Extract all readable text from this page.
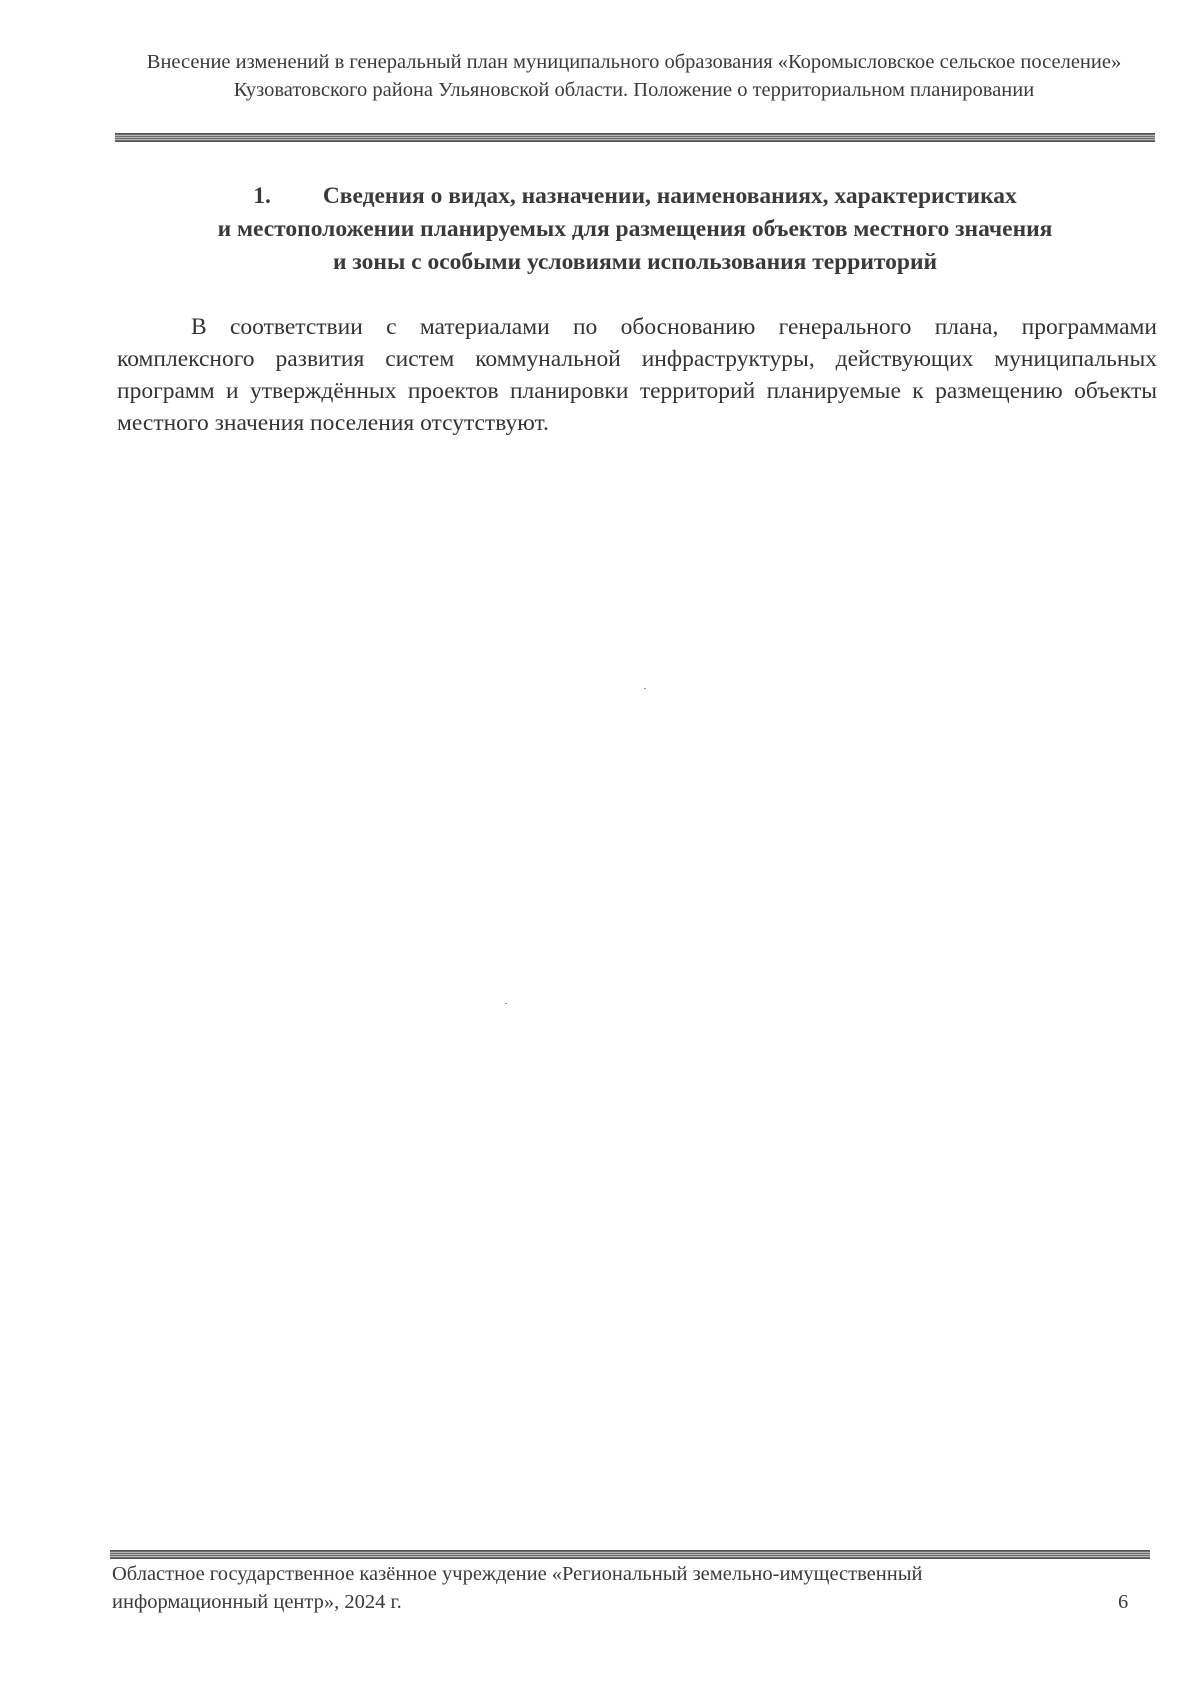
Внесение изменений в генеральный план муниципального образования «Коромысловское сельское поселение» Кузоватовского района Ульяновской области. Положение о территориальном планировании
1. Сведения о видах, назначении, наименованиях, характеристиках
и местоположении планируемых для размещения объектов местного значения
и зоны с особыми условиями использования территорий

В соответствии с материалами по обоснованию генерального плана, программами комплексного развития систем коммунальной инфраструктуры, действующих муниципальных программ и утверждённых проектов планировки территорий планируемые к размещению объекты местного значения поселения отсутствуют.

Областное государственное казённое учреждение «Региональный земельно-имущественный
информационный центр», 2024 г.	6
